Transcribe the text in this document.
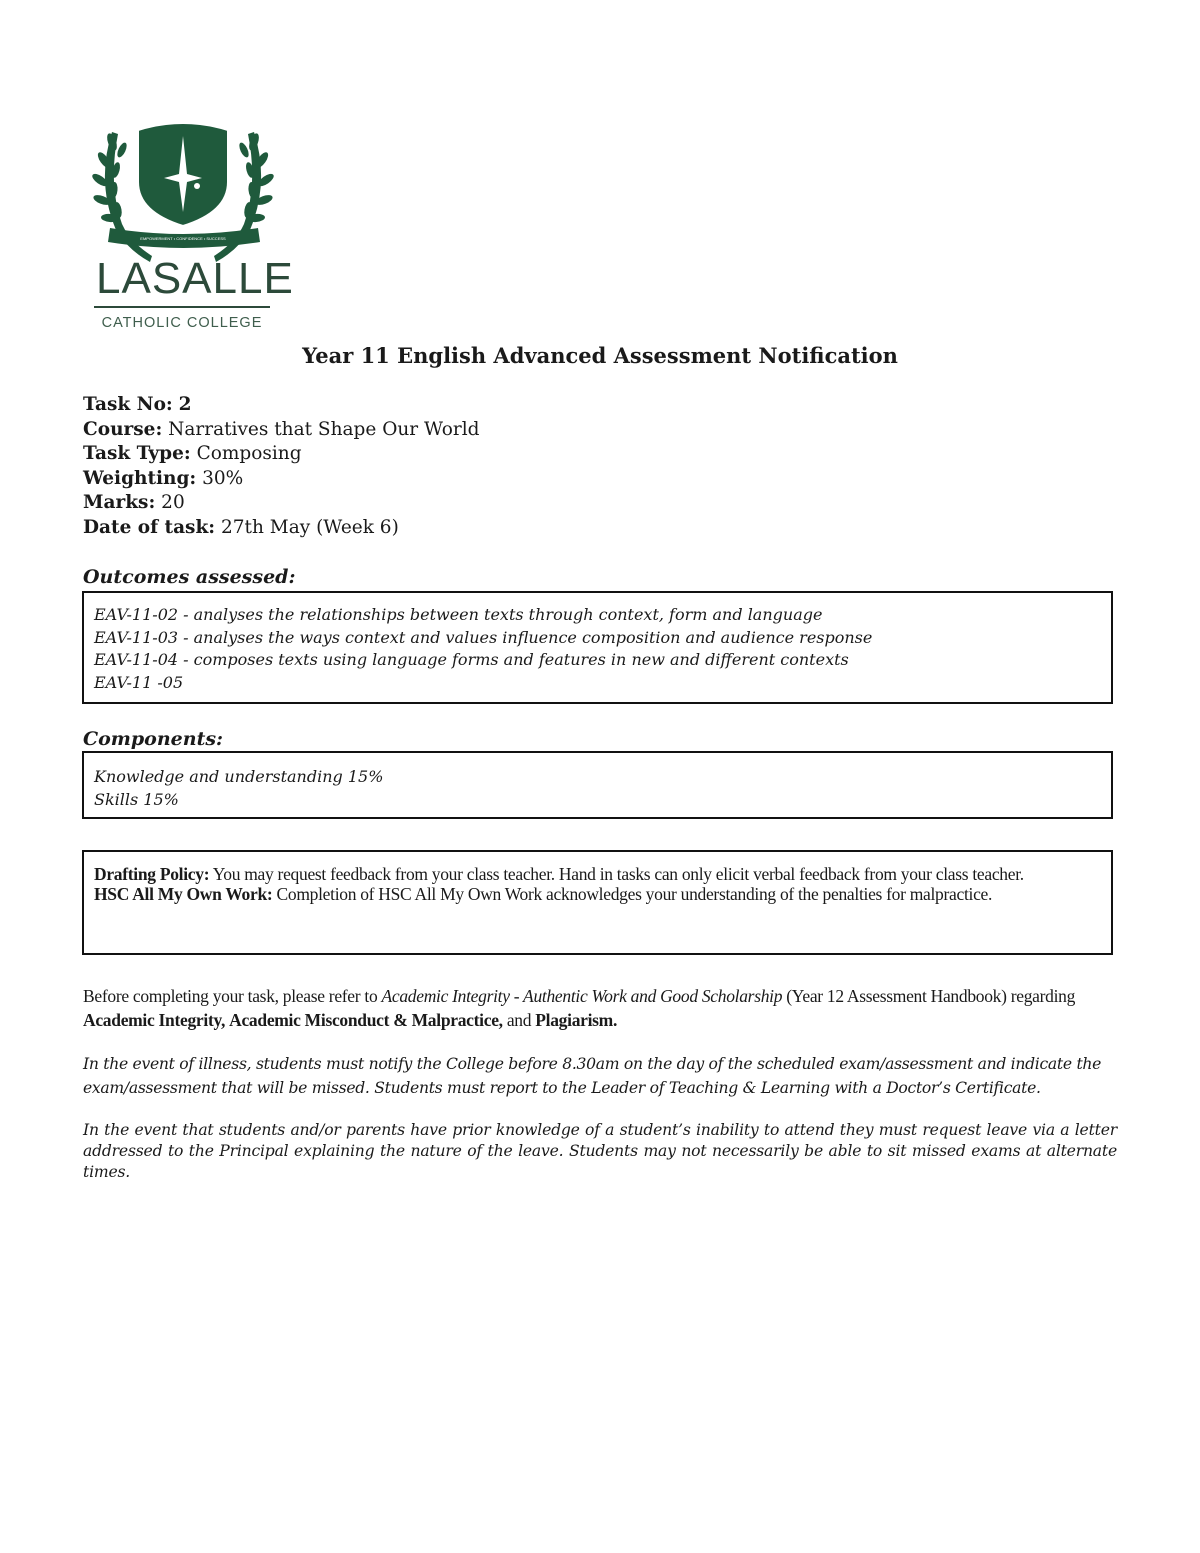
EMPOWERMENT • CONFIDENCE • SUCCESS
LASALLE
CATHOLIC COLLEGE
Year 11 English Advanced Assessment Notification
Task No: 2
Course: Narratives that Shape Our World
Task Type: Composing
Weighting: 30%
Marks: 20
Date of task: 27th May (Week 6)
Outcomes assessed:
EAV-11-02 - analyses the relationships between texts through context, form and language
EAV-11-03 - analyses the ways context and values influence composition and audience response
EAV-11-04 - composes texts using language forms and features in new and different contexts
EAV-11 -05
Components:
Knowledge and understanding 15%
Skills 15%
Drafting Policy: You may request feedback from your class teacher. Hand in tasks can only elicit verbal feedback from your class teacher.
HSC All My Own Work: Completion of HSC All My Own Work acknowledges your understanding of the penalties for malpractice.
Before completing your task, please refer to Academic Integrity - Authentic Work and Good Scholarship (Year 12 Assessment Handbook) regarding Academic Integrity, Academic Misconduct & Malpractice, and Plagiarism.
In the event of illness, students must notify the College before 8.30am on the day of the scheduled exam/assessment and indicate the exam/assessment that will be missed. Students must report to the Leader of Teaching & Learning with a Doctor’s Certificate.
In the event that students and/or parents have prior knowledge of a student’s inability to attend they must request leave via a letter addressed to the Principal explaining the nature of the leave. Students may not necessarily be able to sit missed exams at alternate times.
